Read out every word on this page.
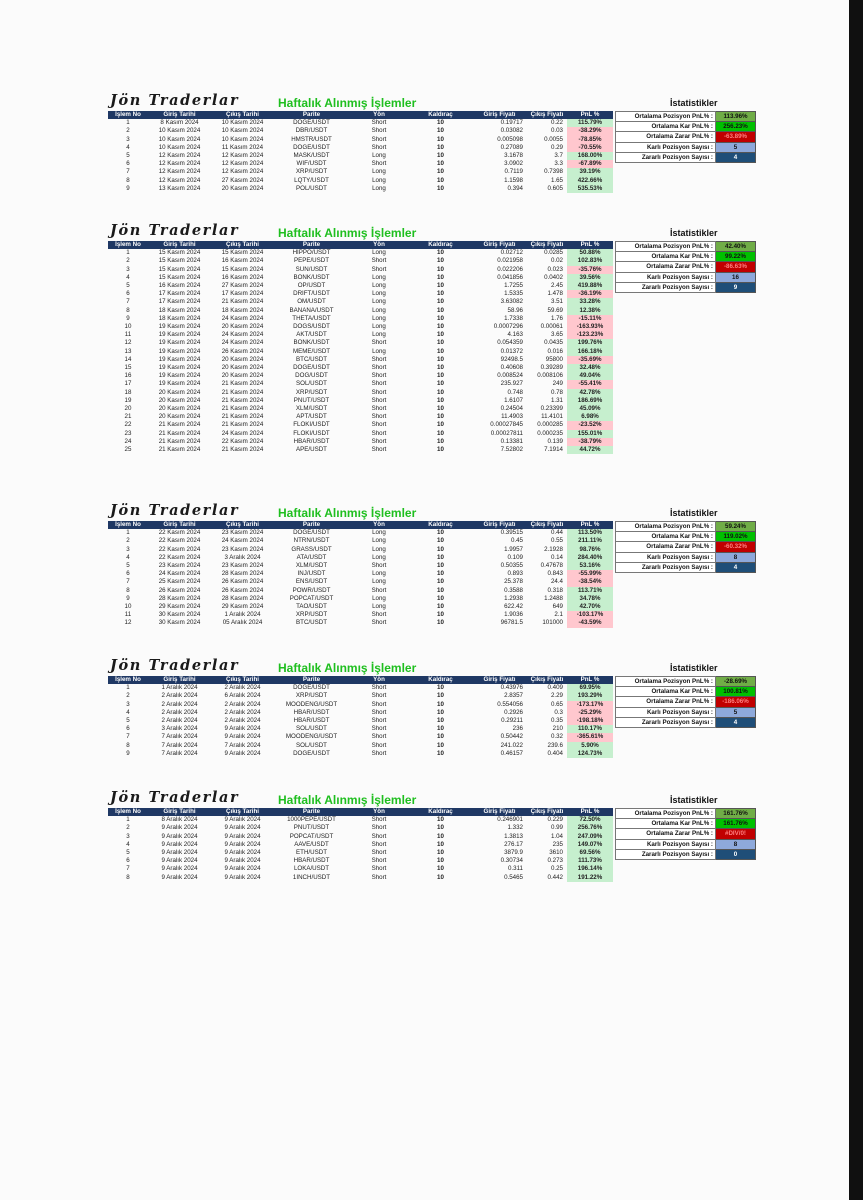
Jön Traderlar	Haftalık Alınmış İşlemler	İstatistikler
İşlem No	Giriş Tarihi	Çıkış Tarihi	Parite	Yön	Kaldıraç	Giriş Fiyatı	Çıkış Fiyatı	PnL %
1	8 Kasım 2024	10 Kasım 2024	DOGE/USDT	Short	10	0.19717	0.22	115.79%
2	10 Kasım 2024	10 Kasım 2024	DBR/USDT	Short	10	0.03082	0.03	-38.29%
3	10 Kasım 2024	10 Kasım 2024	HMSTR/USDT	Short	10	0.005098	0.0055	-78.85%
4	10 Kasım 2024	11 Kasım 2024	DOGE/USDT	Short	10	0.27089	0.29	-70.55%
5	12 Kasım 2024	12 Kasım 2024	MASK/USDT	Long	10	3.1678	3.7	168.00%
6	12 Kasım 2024	12 Kasım 2024	WIF/USDT	Short	10	3.0902	3.3	-67.89%
7	12 Kasım 2024	12 Kasım 2024	XRP/USDT	Long	10	0.7119	0.7398	39.19%
8	12 Kasım 2024	27 Kasım 2024	LQTY/USDT	Long	10	1.1598	1.65	422.66%
9	13 Kasım 2024	20 Kasım 2024	POL/USDT	Long	10	0.394	0.605	535.53%
Ortalama Pozisyon PnL% :	113.96%
Ortalama Kar PnL% :	256.23%
Ortalama Zarar PnL% :	-63.89%
Karlı Pozisyon Sayısı :	5
Zararlı Pozisyon Sayısı :	4
Jön Traderlar	Haftalık Alınmış İşlemler	İstatistikler
İşlem No	Giriş Tarihi	Çıkış Tarihi	Parite	Yön	Kaldıraç	Giriş Fiyatı	Çıkış Fiyatı	PnL %
1	15 Kasım 2024	15 Kasım 2024	HIPPO/USDT	Long	10	0.02712	0.0285	50.88%
2	15 Kasım 2024	16 Kasım 2024	PEPE/USDT	Short	10	0.021958	0.02	102.83%
3	15 Kasım 2024	15 Kasım 2024	SUN/USDT	Short	10	0.022206	0.023	-35.76%
4	15 Kasım 2024	16 Kasım 2024	BONK/USDT	Long	10	0.041856	0.0402	39.56%
5	16 Kasım 2024	27 Kasım 2024	OP/USDT	Long	10	1.7255	2.45	419.88%
6	17 Kasım 2024	17 Kasım 2024	DRIFT/USDT	Long	10	1.5335	1.478	-36.19%
7	17 Kasım 2024	21 Kasım 2024	OM/USDT	Long	10	3.63082	3.51	33.28%
8	18 Kasım 2024	18 Kasım 2024	BANANA/USDT	Long	10	58.96	59.69	12.38%
9	18 Kasım 2024	24 Kasım 2024	THETA/USDT	Long	10	1.7338	1.76	-15.11%
10	19 Kasım 2024	20 Kasım 2024	DOGS/USDT	Long	10	0.0007296	0.00061	-163.93%
11	19 Kasım 2024	24 Kasım 2024	AKT/USDT	Long	10	4.163	3.65	-123.23%
12	19 Kasım 2024	24 Kasım 2024	BONK/USDT	Short	10	0.054359	0.0435	199.76%
13	19 Kasım 2024	26 Kasım 2024	MEME/USDT	Long	10	0.01372	0.016	166.18%
14	19 Kasım 2024	20 Kasım 2024	BTC/USDT	Short	10	92498.5	95800	-35.69%
15	19 Kasım 2024	20 Kasım 2024	DOGE/USDT	Short	10	0.40608	0.39289	32.48%
16	19 Kasım 2024	20 Kasım 2024	DOG/USDT	Short	10	0.008524	0.008106	49.04%
17	19 Kasım 2024	21 Kasım 2024	SOL/USDT	Short	10	235.927	249	-55.41%
18	20 Kasım 2024	21 Kasım 2024	XRP/USDT	Short	10	0.748	0.78	42.78%
19	20 Kasım 2024	21 Kasım 2024	PNUT/USDT	Short	10	1.6107	1.31	186.69%
20	20 Kasım 2024	21 Kasım 2024	XLM/USDT	Short	10	0.24504	0.23399	45.09%
21	20 Kasım 2024	21 Kasım 2024	APT/USDT	Short	10	11.4903	11.4101	6.98%
22	21 Kasım 2024	21 Kasım 2024	FLOKI/USDT	Short	10	0.00027845	0.000285	-23.52%
23	21 Kasım 2024	24 Kasım 2024	FLOKI/USDT	Short	10	0.00027811	0.000235	155.01%
24	21 Kasım 2024	22 Kasım 2024	HBAR/USDT	Short	10	0.13381	0.139	-38.79%
25	21 Kasım 2024	21 Kasım 2024	APE/USDT	Short	10	7.52802	7.1914	44.72%
Ortalama Pozisyon PnL% :	42.40%
Ortalama Kar PnL% :	99.22%
Ortalama Zarar PnL% :	-86.63%
Karlı Pozisyon Sayısı :	16
Zararlı Pozisyon Sayısı :	9
Jön Traderlar	Haftalık Alınmış İşlemler	İstatistikler
İşlem No	Giriş Tarihi	Çıkış Tarihi	Parite	Yön	Kaldıraç	Giriş Fiyatı	Çıkış Fiyatı	PnL %
1	22 Kasım 2024	23 Kasım 2024	DOGE/USDT	Long	10	0.39515	0.44	113.50%
2	22 Kasım 2024	24 Kasım 2024	NTRN/USDT	Long	10	0.45	0.55	211.11%
3	22 Kasım 2024	23 Kasım 2024	GRASS/USDT	Long	10	1.9957	2.1928	98.76%
4	22 Kasım 2024	3 Aralık 2024	ATA/USDT	Long	10	0.109	0.14	284.40%
5	23 Kasım 2024	23 Kasım 2024	XLM/USDT	Short	10	0.50355	0.47678	53.16%
6	24 Kasım 2024	28 Kasım 2024	INJ/USDT	Long	10	0.893	0.843	-55.99%
7	25 Kasım 2024	26 Kasım 2024	ENS/USDT	Long	10	25.378	24.4	-38.54%
8	26 Kasım 2024	26 Kasım 2024	POWR/USDT	Short	10	0.3588	0.318	113.71%
9	28 Kasım 2024	28 Kasım 2024	POPCAT/USDT	Long	10	1.2938	1.2488	34.78%
10	29 Kasım 2024	29 Kasım 2024	TAO/USDT	Long	10	622.42	649	42.70%
11	30 Kasım 2024	1 Aralık 2024	XRP/USDT	Short	10	1.9036	2.1	-103.17%
12	30 Kasım 2024	05 Aralık 2024	BTC/USDT	Short	10	96781.5	101000	-43.59%
Ortalama Pozisyon PnL% :	59.24%
Ortalama Kar PnL% :	119.02%
Ortalama Zarar PnL% :	-60.32%
Karlı Pozisyon Sayısı :	8
Zararlı Pozisyon Sayısı :	4
Jön Traderlar	Haftalık Alınmış İşlemler	İstatistikler
İşlem No	Giriş Tarihi	Çıkış Tarihi	Parite	Yön	Kaldıraç	Giriş Fiyatı	Çıkış Fiyatı	PnL %
1	1 Aralık 2024	2 Aralık 2024	DOGE/USDT	Short	10	0.43976	0.409	69.95%
2	2 Aralık 2024	6 Aralık 2024	XRP/USDT	Short	10	2.8357	2.29	193.29%
3	2 Aralık 2024	2 Aralık 2024	MOODENG/USDT	Short	10	0.554056	0.65	-173.17%
4	2 Aralık 2024	2 Aralık 2024	HBAR/USDT	Short	10	0.2926	0.3	-25.29%
5	2 Aralık 2024	2 Aralık 2024	HBAR/USDT	Short	10	0.29211	0.35	-198.18%
6	3 Aralık 2024	9 Aralık 2024	SOL/USDT	Short	10	236	210	110.17%
7	7 Aralık 2024	9 Aralık 2024	MOODENG/USDT	Short	10	0.50442	0.32	-365.61%
8	7 Aralık 2024	7 Aralık 2024	SOL/USDT	Short	10	241.022	239.6	5.90%
9	7 Aralık 2024	9 Aralık 2024	DOGE/USDT	Short	10	0.46157	0.404	124.73%
Ortalama Pozisyon PnL% :	-28.69%
Ortalama Kar PnL% :	100.81%
Ortalama Zarar PnL% :	-186.06%
Karlı Pozisyon Sayısı :	5
Zararlı Pozisyon Sayısı :	4
Jön Traderlar	Haftalık Alınmış İşlemler	İstatistikler
İşlem No	Giriş Tarihi	Çıkış Tarihi	Parite	Yön	Kaldıraç	Giriş Fiyatı	Çıkış Fiyatı	PnL %
1	8 Aralık 2024	9 Aralık 2024	1000PEPE/USDT	Short	10	0.246901	0.229	72.50%
2	9 Aralık 2024	9 Aralık 2024	PNUT/USDT	Short	10	1.332	0.99	256.76%
3	9 Aralık 2024	9 Aralık 2024	POPCAT/USDT	Short	10	1.3813	1.04	247.09%
4	9 Aralık 2024	9 Aralık 2024	AAVE/USDT	Short	10	276.17	235	149.07%
5	9 Aralık 2024	9 Aralık 2024	ETH/USDT	Short	10	3879.9	3610	69.56%
6	9 Aralık 2024	9 Aralık 2024	HBAR/USDT	Short	10	0.30734	0.273	111.73%
7	9 Aralık 2024	9 Aralık 2024	LOKA/USDT	Short	10	0.311	0.25	196.14%
8	9 Aralık 2024	9 Aralık 2024	1INCH/USDT	Short	10	0.5465	0.442	191.22%
Ortalama Pozisyon PnL% :	161.76%
Ortalama Kar PnL% :	161.76%
Ortalama Zarar PnL% :	#DIV/0!
Karlı Pozisyon Sayısı :	8
Zararlı Pozisyon Sayısı :	0
